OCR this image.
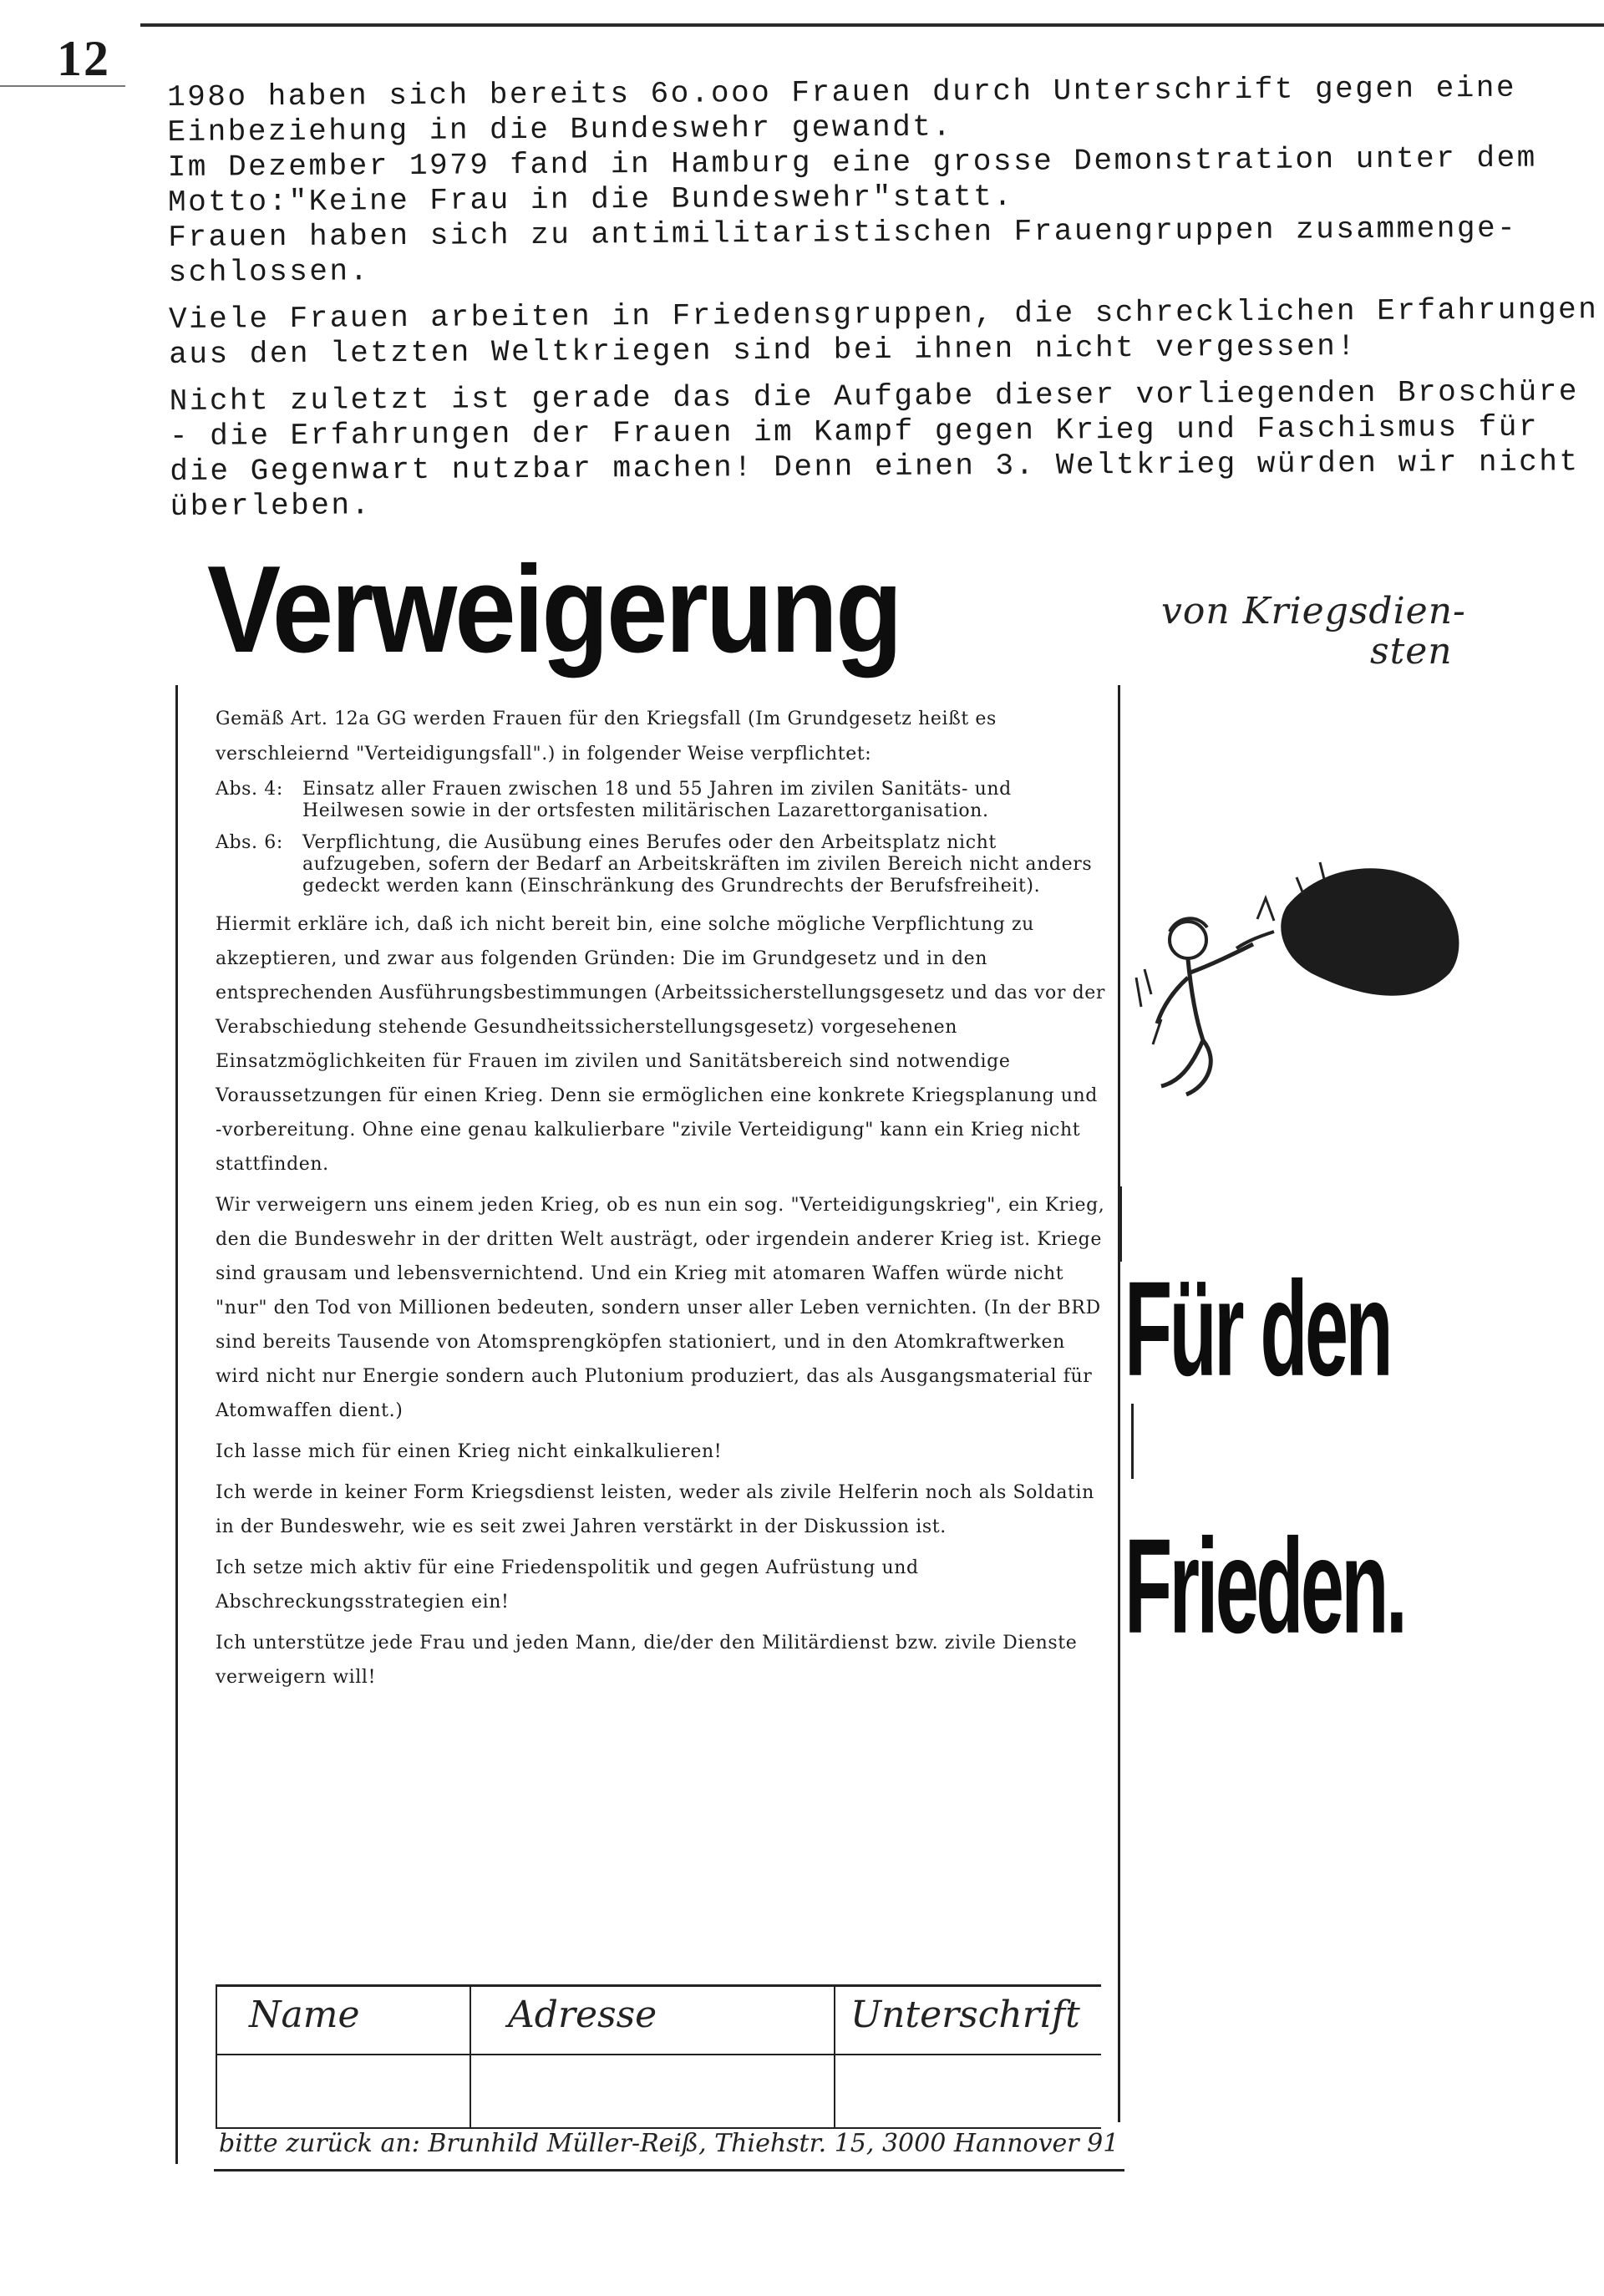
12
198o haben sich bereits 6o.ooo Frauen durch Unterschrift gegen eine
Einbeziehung in die Bundeswehr gewandt.
Im Dezember 1979 fand in Hamburg eine grosse Demonstration unter dem
Motto:"Keine Frau in die Bundeswehr"statt.
Frauen haben sich zu antimilitaristischen Frauengruppen zusammenge-
schlossen.
Viele Frauen arbeiten in Friedensgruppen, die schrecklichen Erfahrungen
aus den letzten Weltkriegen sind bei ihnen nicht vergessen!
Nicht zuletzt ist gerade das die Aufgabe dieser vorliegenden Broschüre
- die Erfahrungen der Frauen im Kampf gegen Krieg und Faschismus für
die Gegenwart nutzbar machen! Denn einen 3. Weltkrieg würden wir nicht
überleben.
Verweigerung	von Kriegsdien-
sten

Gemäß Art. 12a GG werden Frauen für den Kriegsfall (Im Grundgesetz heißt es verschleiernd "Verteidigungsfall".) in folgender Weise verpflichtet:

Abs. 4:	Einsatz aller Frauen zwischen 18 und 55 Jahren im zivilen Sanitäts- und Heilwesen sowie in der ortsfesten militärischen Lazarettorganisation.
Abs. 6:	Verpflichtung, die Ausübung eines Berufes oder den Arbeitsplatz nicht aufzugeben, sofern der Bedarf an Arbeitskräften im zivilen Bereich nicht anders gedeckt werden kann (Einschränkung des Grundrechts der Berufsfreiheit).

Hiermit erkläre ich, daß ich nicht bereit bin, eine solche mögliche Verpflichtung zu akzeptieren, und zwar aus folgenden Gründen: Die im Grundgesetz und in den entsprechenden Ausführungsbestimmungen (Arbeitssicherstellungsgesetz und das vor der Verabschiedung stehende Gesundheitssicherstellungsgesetz) vorgesehenen Einsatzmöglichkeiten für Frauen im zivilen und Sanitätsbereich sind notwendige Voraussetzungen für einen Krieg. Denn sie ermöglichen eine konkrete Kriegsplanung und -vorbereitung. Ohne eine genau kalkulierbare "zivile Verteidigung" kann ein Krieg nicht stattfinden.

Wir verweigern uns einem jeden Krieg, ob es nun ein sog. "Verteidigungskrieg", ein Krieg, den die Bundeswehr in der dritten Welt austrägt, oder irgendein anderer Krieg ist. Kriege sind grausam und lebensvernichtend. Und ein Krieg mit atomaren Waffen würde nicht "nur" den Tod von Millionen bedeuten, sondern unser aller Leben vernichten. (In der BRD sind bereits Tausende von Atomsprengköpfen stationiert, und in den Atomkraftwerken wird nicht nur Energie sondern auch Plutonium produziert, das als Ausgangsmaterial für Atomwaffen dient.)

Ich lasse mich für einen Krieg nicht einkalkulieren!

Ich werde in keiner Form Kriegsdienst leisten, weder als zivile Helferin noch als Soldatin in der Bundeswehr, wie es seit zwei Jahren verstärkt in der Diskussion ist.

Ich setze mich aktiv für eine Friedenspolitik und gegen Aufrüstung und Abschreckungsstrategien ein!

Ich unterstütze jede Frau und jeden Mann, die/der den Militärdienst bzw. zivile Dienste verweigern will!

Name	Adresse	Unterschrift
bitte zurück an: Brunhild Müller-Reiß, Thiehstr. 15, 3000 Hannover 91
Für den
Frieden.
